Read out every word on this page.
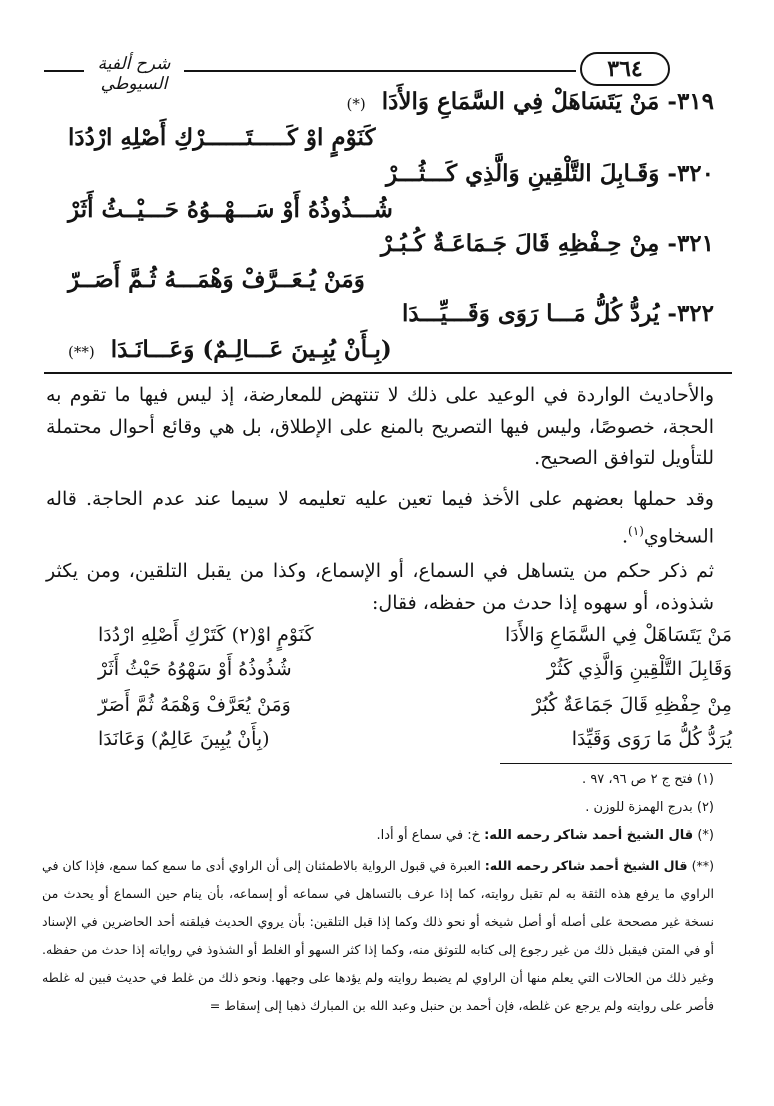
شرح ألفية السيوطي
٣٦٤
٣١٩- مَنْ يَتَسَاهَلْ فِي السَّمَاعِ وَالأَدَا (*)
كَنَوْمٍ اوْ كَـــــتَــــــرْكِ أَصْلِهِ ارْدُدَا
٣٢٠- وَقَـابِلَ التَّلْقِينِ وَالَّذِي كَـــثُـــرْ
شُـــذُوذُهُ أَوْ سَـــهْــوُهُ حَـــيْــثُ أَثَرْ
٣٢١- مِنْ حِـفْظِهِ قَالَ جَـمَاعَـةٌ كُـبُـرْ
وَمَنْ يُـعَــرَّفْ وَهْمَـــهُ ثُـمَّ أَصَــرّ
٣٢٢- يُردُّ كُلُّ مَـــا رَوَى وَقَـــيِّـــدَا
(بِـأَنْ يُبِـينَ عَـــالِـمٌ) وَعَـــانَـدَا (**)

والأحاديث الواردة في الوعيد على ذلك لا تنتهض للمعارضة، إذ ليس فيها ما تقوم به الحجة، خصوصًا، وليس فيها التصريح بالمنع على الإطلاق، بل هي وقائع أحوال محتملة للتأويل لتوافق الصحيح.

وقد حملها بعضهم على الأخذ فيما تعين عليه تعليمه لا سيما عند عدم الحاجة. قاله السخاوي$^{(١)}$.

ثم ذكر حكم من يتساهل في السماع، أو الإسماع، وكذا من يقبل التلقين، ومن يكثر شذوذه، أو سهوه إذا حدث من حفظه، فقال:

مَنْ يَتَسَاهَلْ فِي السَّمَاعِ وَالأَدَا
كَنَوْمٍ اوْ(٢) كَتَرْكِ أَصْلِهِ ارْدُدَا
وَقَابِلَ التَّلْقِينِ وَالَّذِي كَثُرْ
شُذُوذُهُ أَوْ سَهْوُهُ حَيْثُ أَثَرْ
مِنْ حِفْظِهِ قَالَ جَمَاعَةٌ كُبُرْ
وَمَنْ يُعَرَّفْ وَهْمَهُ ثُمَّ أَصَرّ
يُرَدُّ كُلُّ مَا رَوَى وَقَيِّدَا
(بِأَنْ يُبِينَ عَالِمٌ) وَعَانَدَا
(١) فتح ج ٢ ص ٩٦، ٩٧ .
(٢) بدرج الهمزة للوزن .
(*) قال الشيخ أحمد شاكر رحمه الله: خ: في سماع أو أدا.

(**) قال الشيخ أحمد شاكر رحمه الله: العبرة في قبول الرواية بالاطمئنان إلى أن الراوي أدى ما سمع كما سمع، فإذا كان في الراوي ما يرفع هذه الثقة به لم تقبل روايته، كما إذا عرف بالتساهل في سماعه أو إسماعه، بأن ينام حين السماع أو يحدث من نسخة غير مصححة على أصله أو أصل شيخه أو نحو ذلك وكما إذا قبل التلقين: بأن يروي الحديث فيلقنه أحد الحاضرين في الإسناد أو في المتن فيقبل ذلك من غير رجوع إلى كتابه للتوثق منه، وكما إذا كثر السهو أو الغلط أو الشذوذ في رواياته إذا حدث من حفظه. وغير ذلك من الحالات التي يعلم منها أن الراوي لم يضبط روايته ولم يؤدها على وجهها. ونحو ذلك من غلط في حديث فبين له غلطه فأصر على روايته ولم يرجع عن غلطه، فإن أحمد بن حنبل وعبد الله بن المبارك ذهبا إلى إسقاط =
